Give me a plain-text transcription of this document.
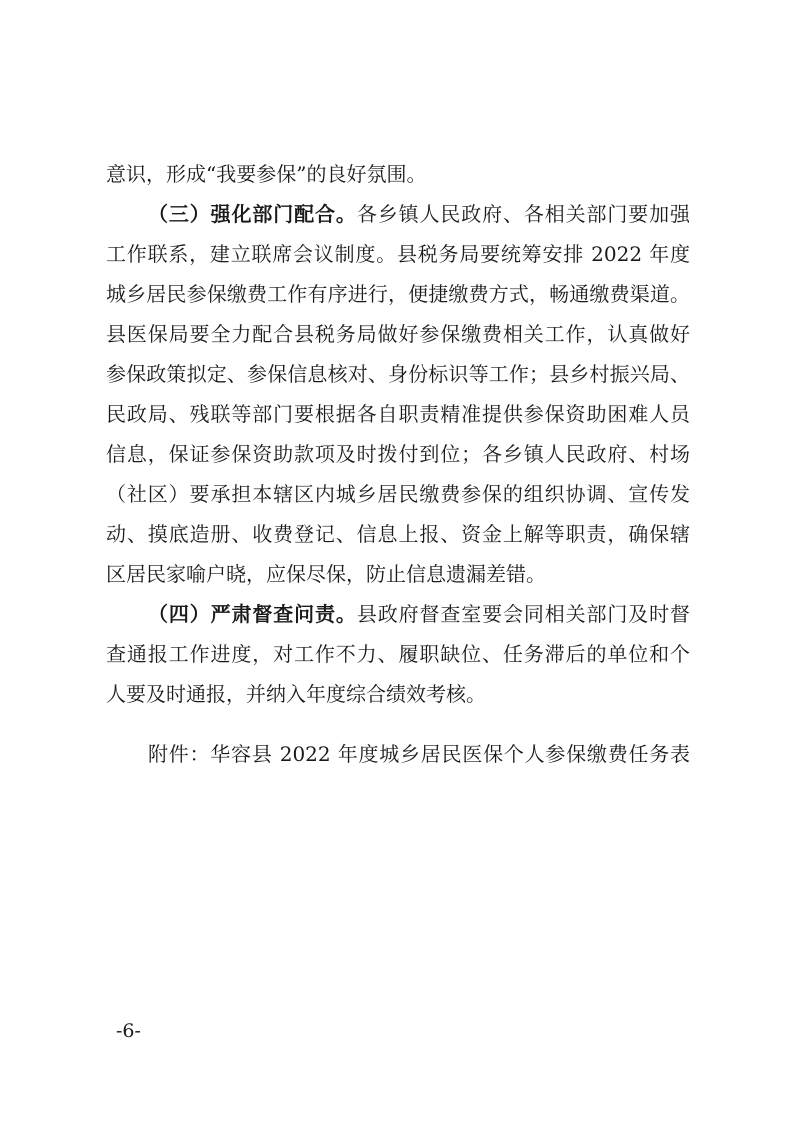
意识，形成“我要参保”的良好氛围。
（三）强化部门配合。各乡镇人民政府、各相关部门要加强
工作联系，建立联席会议制度。县税务局要统筹安排 2022 年度
城乡居民参保缴费工作有序进行，便捷缴费方式，畅通缴费渠道。
县医保局要全力配合县税务局做好参保缴费相关工作，认真做好
参保政策拟定、参保信息核对、身份标识等工作；县乡村振兴局、
民政局、残联等部门要根据各自职责精准提供参保资助困难人员
信息，保证参保资助款项及时拨付到位；各乡镇人民政府、村场
（社区）要承担本辖区内城乡居民缴费参保的组织协调、宣传发
动、摸底造册、收费登记、信息上报、资金上解等职责，确保辖
区居民家喻户晓，应保尽保，防止信息遗漏差错。
（四）严肃督查问责。县政府督查室要会同相关部门及时督
查通报工作进度，对工作不力、履职缺位、任务滞后的单位和个
人要及时通报，并纳入年度综合绩效考核。
附件：华容县 2022 年度城乡居民医保个人参保缴费任务表
-6-
